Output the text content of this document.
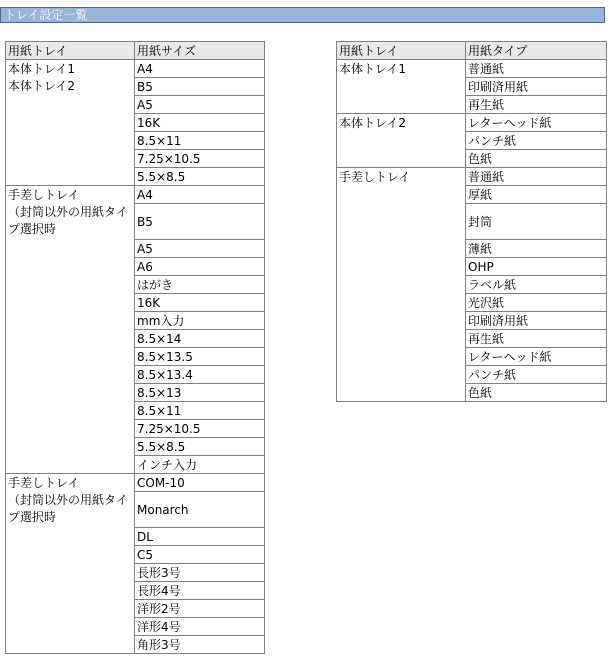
トレイ設定一覧
用紙トレイ	用紙サイズ
本体トレイ1
本体トレイ2	A4
	B5
	A5
	16K
	8.5×11
	7.25×10.5
	5.5×8.5
手差しトレイ
（封筒以外の用紙タイプ選択時	A4
	B5
	A5
	A6
	はがき
	16K
	mm入力
	8.5×14
	8.5×13.5
	8.5×13.4
	8.5×13
	8.5×11
	7.25×10.5
	5.5×8.5
	インチ入力
手差しトレイ
（封筒以外の用紙タイプ選択時	COM-10
	Monarch
	DL
	C5
	長形3号
	長形4号
	洋形2号
	洋形4号
	角形3号
用紙トレイ	用紙タイプ
本体トレイ1	普通紙
	印刷済用紙
	再生紙
本体トレイ2	レターヘッド紙
	パンチ紙
	色紙
手差しトレイ	普通紙
	厚紙
	封筒
	薄紙
	OHP
	ラベル紙
	光沢紙
	印刷済用紙
	再生紙
	レターヘッド紙
	パンチ紙
	色紙
